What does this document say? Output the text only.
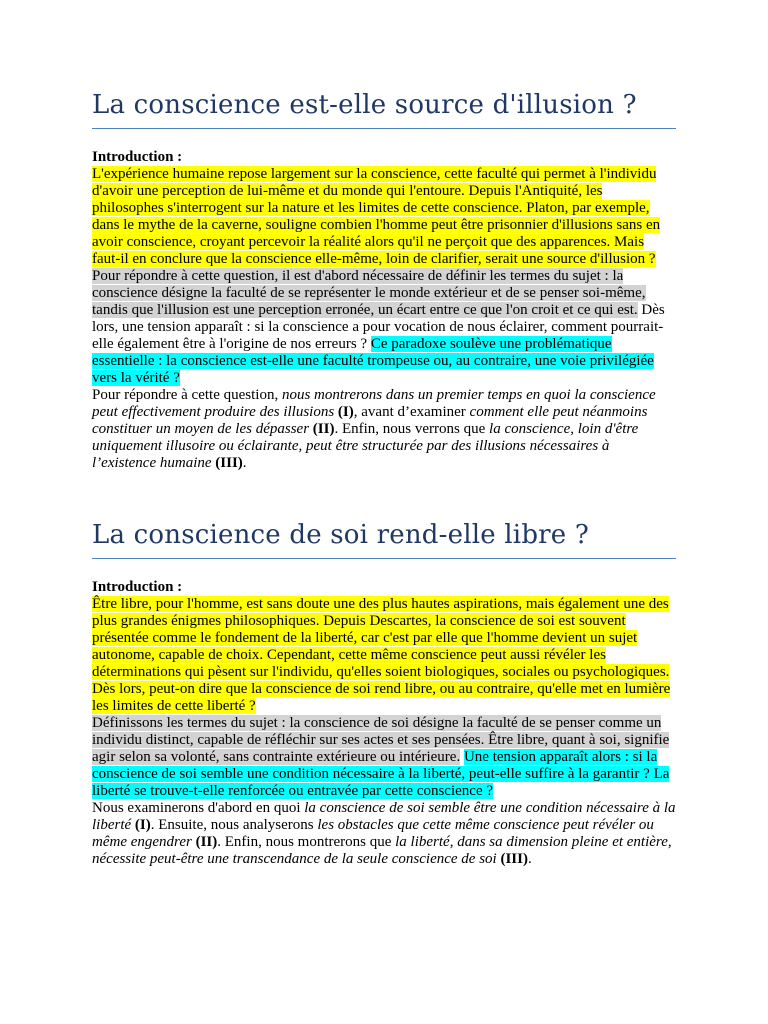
La conscience est-elle source d'illusion ?
Introduction :
L'expérience humaine repose largement sur la conscience, cette faculté qui permet à l'individu d'avoir une perception de lui-même et du monde qui l'entoure. Depuis l'Antiquité, les philosophes s'interrogent sur la nature et les limites de cette conscience. Platon, par exemple, dans le mythe de la caverne, souligne combien l'homme peut être prisonnier d'illusions sans en avoir conscience, croyant percevoir la réalité alors qu'il ne perçoit que des apparences. Mais faut-il en conclure que la conscience elle-même, loin de clarifier, serait une source d'illusion ?
Pour répondre à cette question, il est d'abord nécessaire de définir les termes du sujet : la conscience désigne la faculté de se représenter le monde extérieur et de se penser soi-même, tandis que l'illusion est une perception erronée, un écart entre ce que l'on croit et ce qui est. Dès lors, une tension apparaît : si la conscience a pour vocation de nous éclairer, comment pourrait-elle également être à l'origine de nos erreurs ? Ce paradoxe soulève une problématique essentielle : la conscience est-elle une faculté trompeuse ou, au contraire, une voie privilégiée vers la vérité ?
Pour répondre à cette question, nous montrerons dans un premier temps en quoi la conscience peut effectivement produire des illusions (I), avant d’examiner comment elle peut néanmoins constituer un moyen de les dépasser (II). Enfin, nous verrons que la conscience, loin d'être uniquement illusoire ou éclairante, peut être structurée par des illusions nécessaires à l’existence humaine (III).
La conscience de soi rend-elle libre ?
Introduction :
Être libre, pour l'homme, est sans doute une des plus hautes aspirations, mais également une des plus grandes énigmes philosophiques. Depuis Descartes, la conscience de soi est souvent présentée comme le fondement de la liberté, car c'est par elle que l'homme devient un sujet autonome, capable de choix. Cependant, cette même conscience peut aussi révéler les déterminations qui pèsent sur l'individu, qu'elles soient biologiques, sociales ou psychologiques. Dès lors, peut-on dire que la conscience de soi rend libre, ou au contraire, qu'elle met en lumière les limites de cette liberté ?
Définissons les termes du sujet : la conscience de soi désigne la faculté de se penser comme un individu distinct, capable de réfléchir sur ses actes et ses pensées. Être libre, quant à soi, signifie agir selon sa volonté, sans contrainte extérieure ou intérieure. Une tension apparaît alors : si la conscience de soi semble une condition nécessaire à la liberté, peut-elle suffire à la garantir ? La liberté se trouve-t-elle renforcée ou entravée par cette conscience ?
Nous examinerons d'abord en quoi la conscience de soi semble être une condition nécessaire à la liberté (I). Ensuite, nous analyserons les obstacles que cette même conscience peut révéler ou même engendrer (II). Enfin, nous montrerons que la liberté, dans sa dimension pleine et entière, nécessite peut-être une transcendance de la seule conscience de soi (III).
